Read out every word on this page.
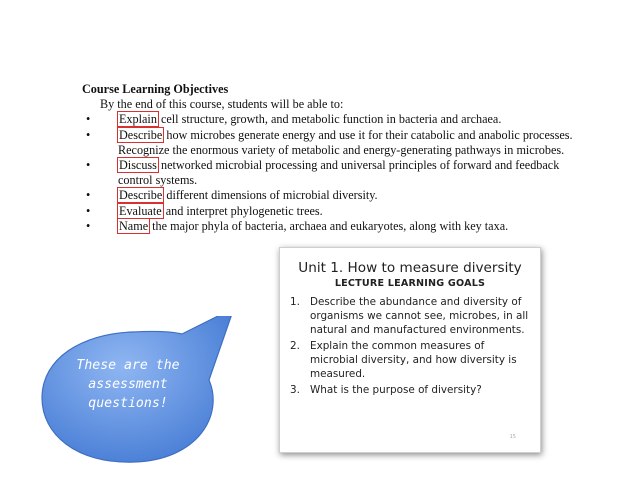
Course Learning Objectives
By the end of this course, students will be able to:
• Explain cell structure, growth, and metabolic function in bacteria and archaea.
• Describe how microbes generate energy and use it for their catabolic and anabolic processes. Recognize the enormous variety of metabolic and energy-generating pathways in microbes.
• Discuss networked microbial processing and universal principles of forward and feedback control systems.
• Describe different dimensions of microbial diversity.
• Evaluate and interpret phylogenetic trees.
• Name the major phyla of bacteria, archaea and eukaryotes, along with key taxa.
Unit 1. How to measure diversity
LECTURE LEARNING GOALS
1. Describe the abundance and diversity of organisms we cannot see, microbes, in all natural and manufactured environments.
2. Explain the common measures of microbial diversity, and how diversity is measured.
3. What is the purpose of diversity?
15
These are the
assessment
questions!
